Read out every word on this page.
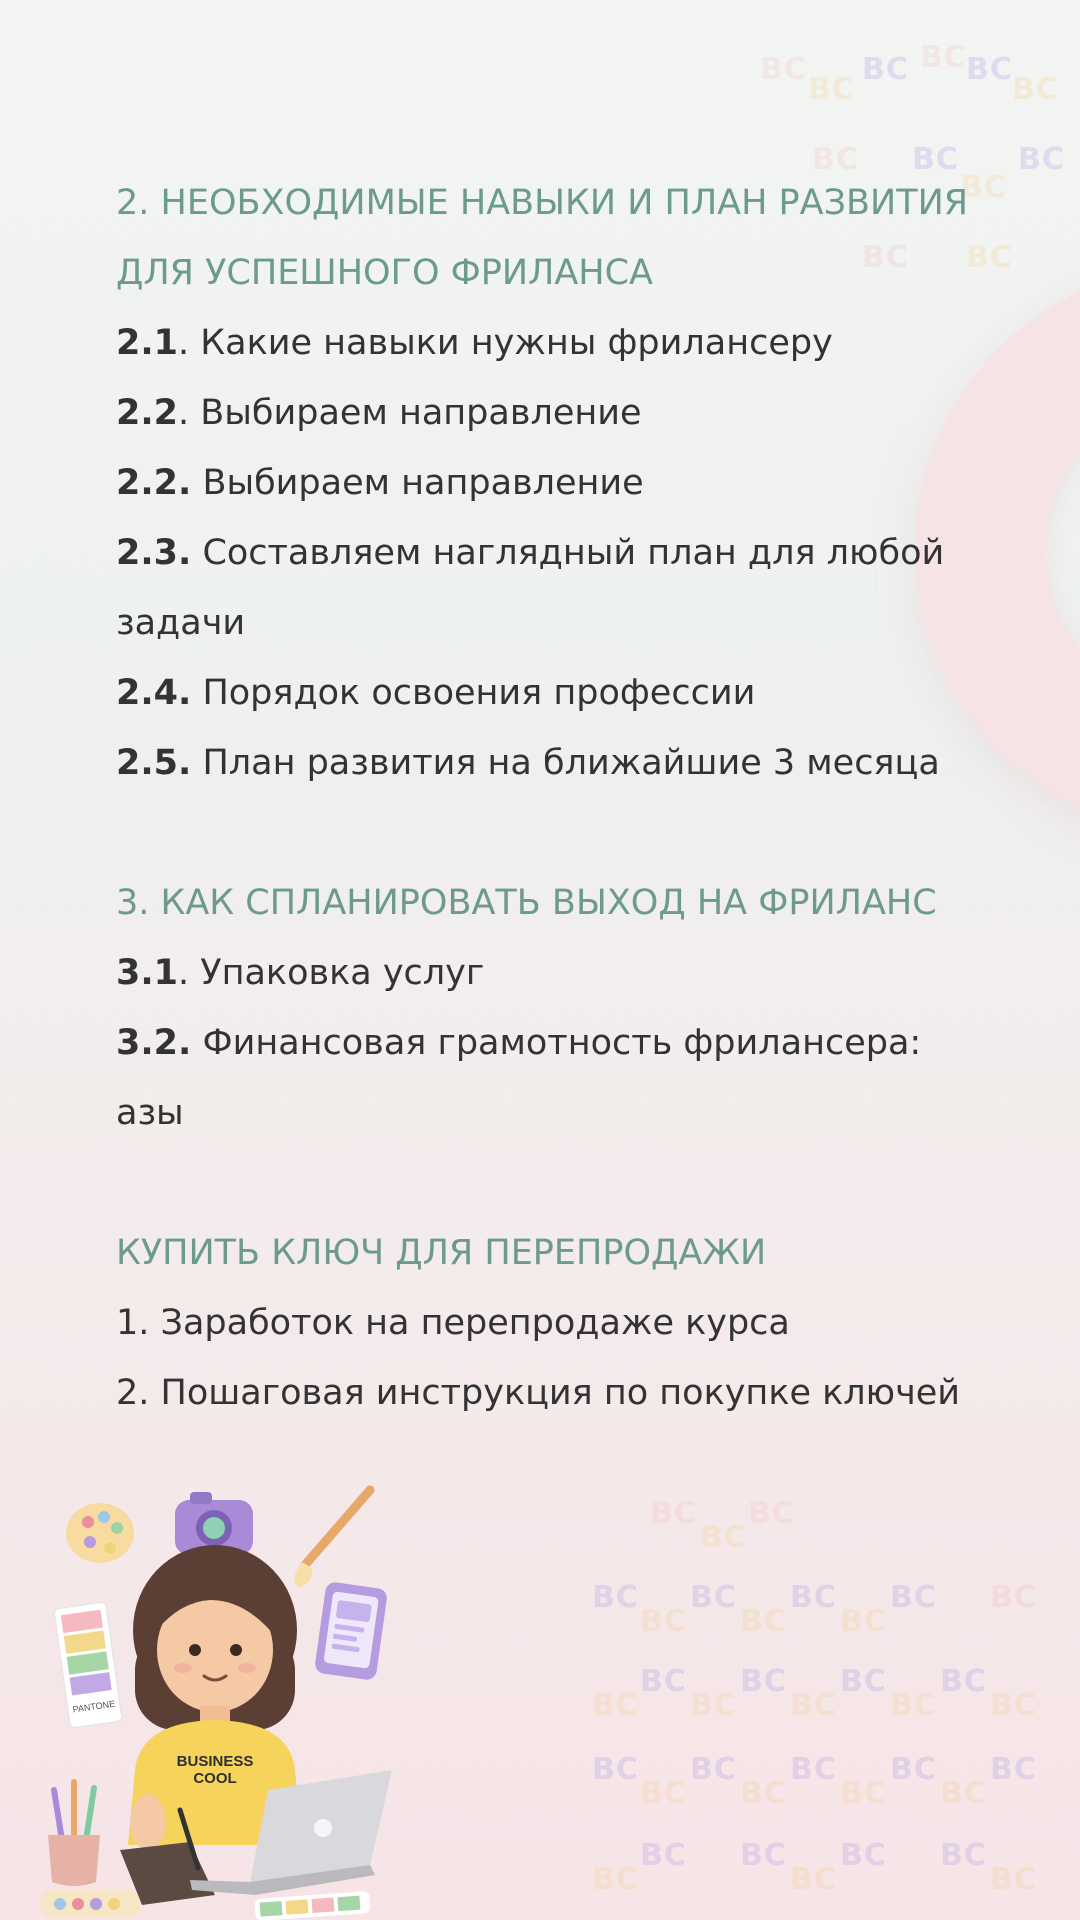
BC BC
BC
BC
BC
BC
BC BC
BC
BC
BC BC
BC BC
BC
BC BC BC BC
BC BC BC
BC
BC BC BC BC
BC BC BC BC BC
BC BC BC BC BC
BC BC BC BC
BC BC BC BC
BC	BC	BC
2. НЕОБХОДИМЫЕ НАВЫКИ И ПЛАН РАЗВИТИЯ
ДЛЯ УСПЕШНОГО ФРИЛАНСА
2.1. Какие навыки нужны фрилансеру
2.2. Выбираем направление
2.2. Выбираем направление
2.3. Составляем наглядный план для любой
задачи
2.4. Порядок освоения профессии
2.5. План развития на ближайшие 3 месяца
3. КАК СПЛАНИРОВАТЬ ВЫХОД НА ФРИЛАНС
3.1. Упаковка услуг
3.2. Финансовая грамотность фрилансера: азы
КУПИТЬ КЛЮЧ ДЛЯ ПЕРЕПРОДАЖИ
1. Заработок на перепродаже курса
2. Пошаговая инструкция по покупке ключей
PANTONE
BUSINESS
COOL
